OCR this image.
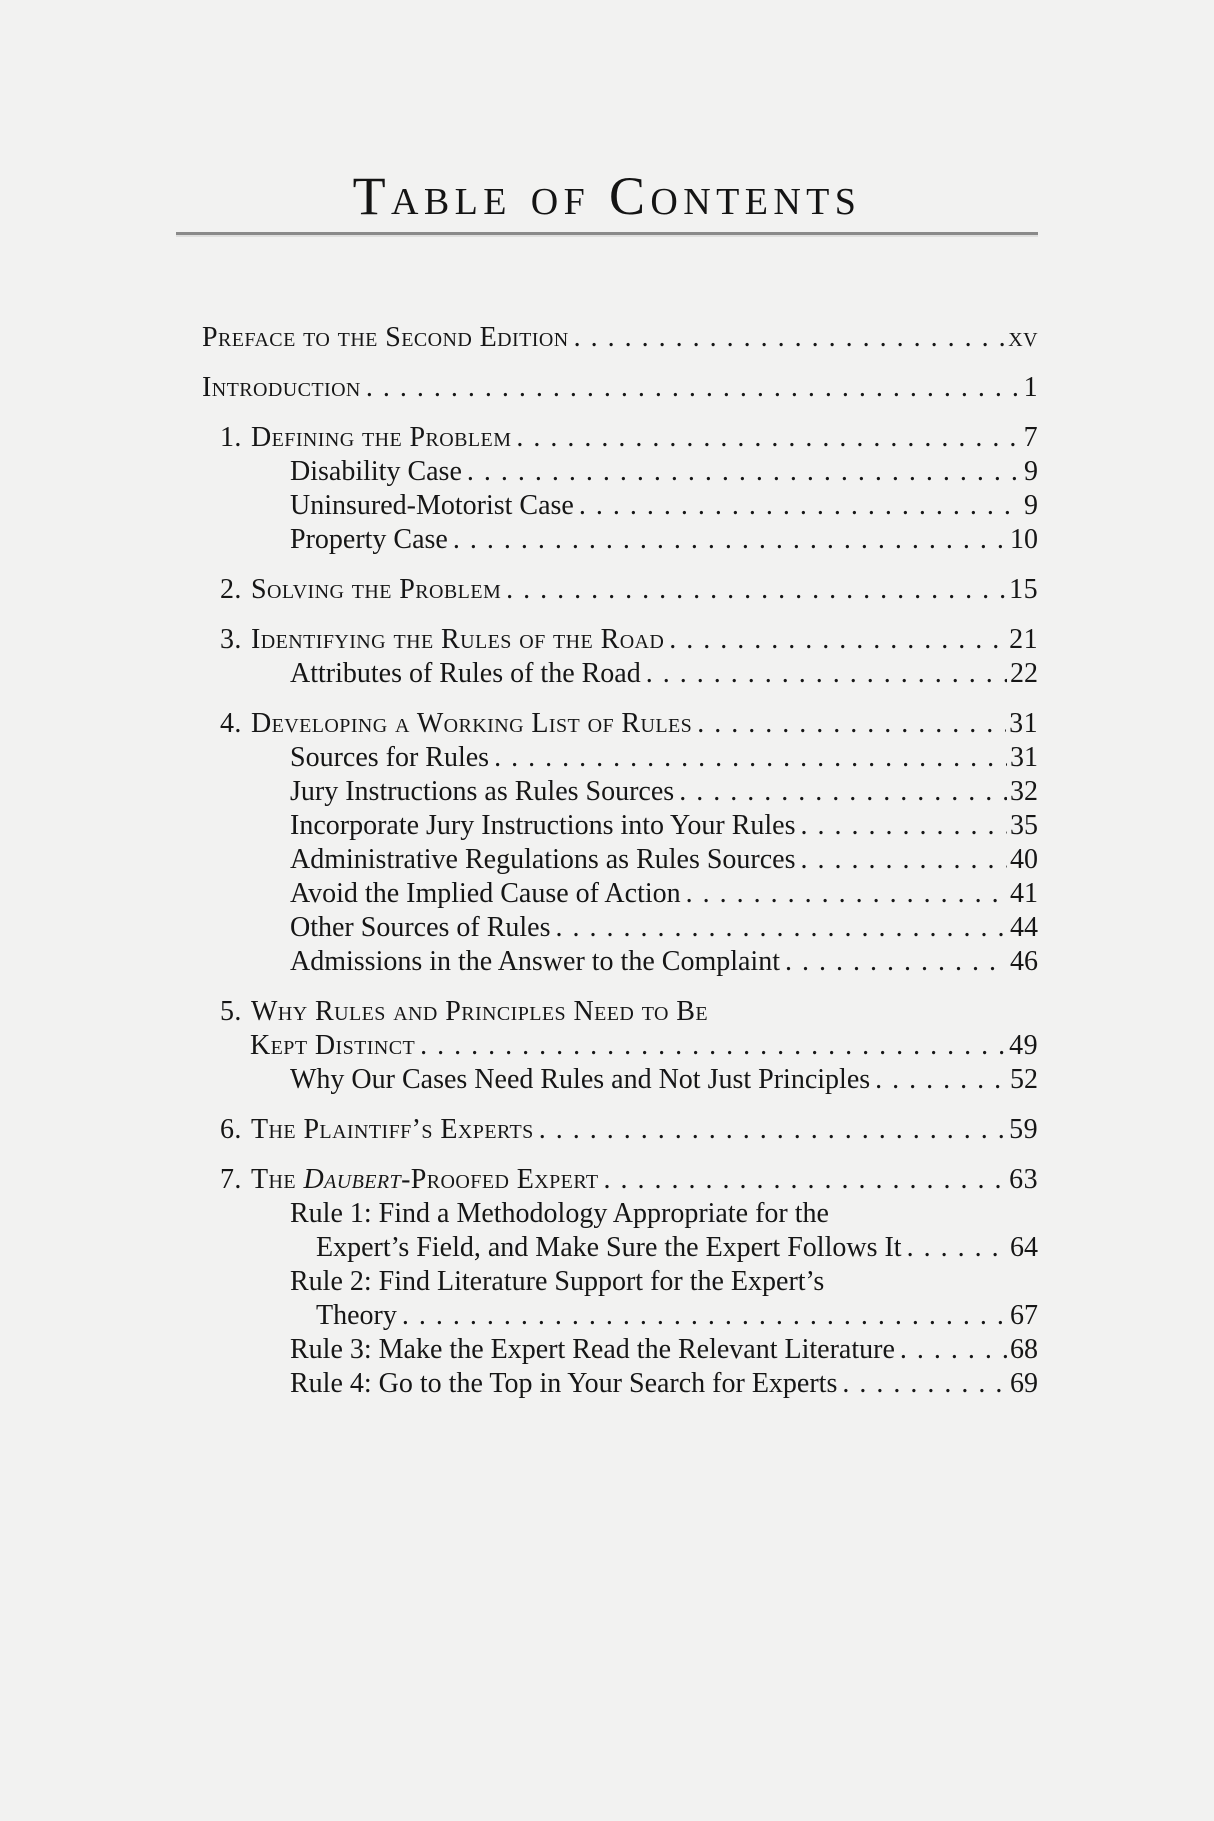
Table of Contents
Preface to the Second Edition . . .	xv
Introduction . . .	1
1. Defining the Problem . . .	7
Disability Case . . .	9
Uninsured-Motorist Case . . .	9
Property Case . . .	10
2. Solving the Problem . . .	15
3. Identifying the Rules of the Road . . .	21
Attributes of Rules of the Road . . .	22
4. Developing a Working List of Rules . . .	31
Sources for Rules . . .	31
Jury Instructions as Rules Sources . . .	32
Incorporate Jury Instructions into Your Rules . . .	35
Administrative Regulations as Rules Sources . . .	40
Avoid the Implied Cause of Action . . .	41
Other Sources of Rules . . .	44
Admissions in the Answer to the Complaint . . .	46
5. Why Rules and Principles Need to Be
Kept Distinct . . .	49
Why Our Cases Need Rules and Not Just Principles . . .	52
6. The Plaintiff’s Experts . . .	59
7. The Daubert-Proofed Expert . . .	63
Rule 1: Find a Methodology Appropriate for the
Expert’s Field, and Make Sure the Expert Follows It . . .	64
Rule 2: Find Literature Support for the Expert’s
Theory . . .	67
Rule 3: Make the Expert Read the Relevant Literature . . .	68
Rule 4: Go to the Top in Your Search for Experts . . .	69
